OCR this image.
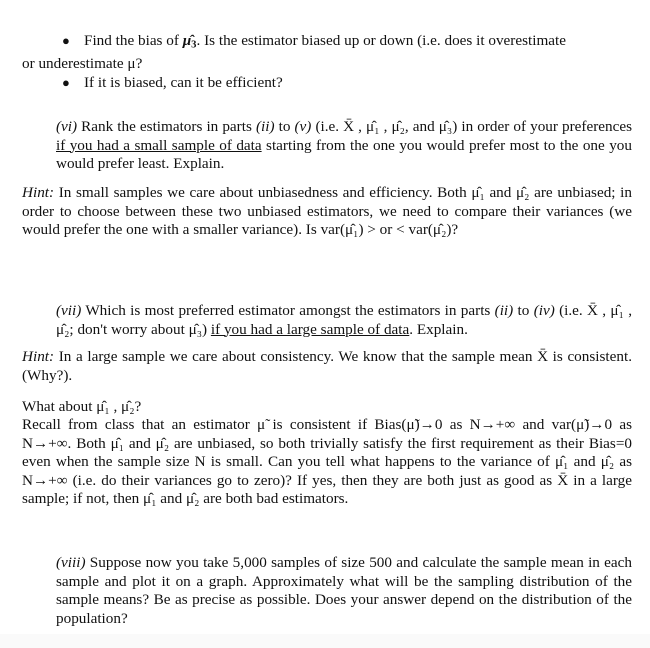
● Find the bias of $\mû_3$. Is the estimator biased up or down (i.e. does it overestimate
or underestimate μ?
● If it is biased, can it be efficient?

(vi) Rank the estimators in parts (ii) to (v) (i.e. X̄ , μ̂₁ , μ̂₂, and μ̂₃) in order of your preferences if you had a small sample of data starting from the one you would prefer most to the one you would prefer least. Explain.

Hint: In small samples we care about unbiasedness and efficiency. Both μ̂₁ and μ̂₂ are unbiased; in order to choose between these two unbiased estimators, we need to compare their variances (we would prefer the one with a smaller variance). Is var(μ̂₁) > or < var(μ̂₂)?

(vii) Which is most preferred estimator amongst the estimators in parts (ii) to (iv) (i.e. X̄ , μ̂₁ , μ̂₂; don't worry about μ̂₃) if you had a large sample of data. Explain.

Hint: In a large sample we care about consistency. We know that the sample mean X̄ is consistent. (Why?).

What about μ̂₁ , μ̂₂?

Recall from class that an estimator μ̃ is consistent if Bias(μ̃)→0 as N→+∞ and var(μ̃)→0 as N→+∞. Both μ̂₁ and μ̂₂ are unbiased, so both trivially satisfy the first requirement as their Bias=0 even when the sample size N is small. Can you tell what happens to the variance of μ̂₁ and μ̂₂ as N→+∞ (i.e. do their variances go to zero)? If yes, then they are both just as good as X̄ in a large sample; if not, then μ̂₁ and μ̂₂ are both bad estimators.

(viii) Suppose now you take 5,000 samples of size 500 and calculate the sample mean in each sample and plot it on a graph. Approximately what will be the sampling distribution of the sample means? Be as precise as possible. Does your answer depend on the distribution of the population?
